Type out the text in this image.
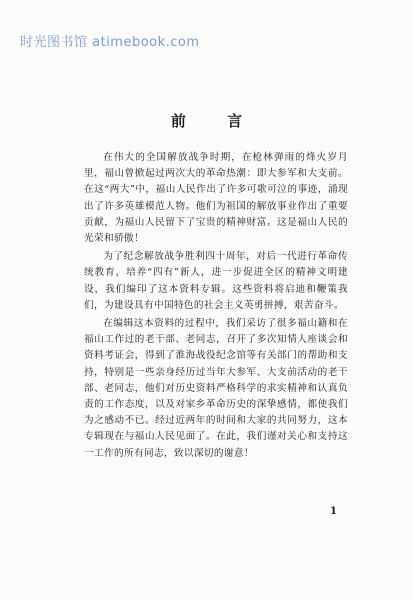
时光图书馆 atimebook.com
前 言

在伟大的全国解放战争时期，在枪林弹雨的烽火岁月里，福山曾掀起过两次大的革命热潮：即大参军和大支前。在这“两大”中，福山人民作出了许多可歌可泣的事迹，涌现出了许多英雄模范人物。他们为祖国的解放事业作出了重要贡献，为福山人民留下了宝贵的精神财富。这是福山人民的光荣和骄傲！

为了纪念解放战争胜利四十周年，对后一代进行革命传统教育，培养“四有”新人，进一步促进全区的精神文明建设，我们编印了这本资料专辑。这些资料将启迪和鞭策我们，为建设具有中国特色的社会主义英勇拼搏，艰苦奋斗。

在编辑这本资料的过程中，我们采访了很多福山籍和在福山工作过的老干部、老同志，召开了多次知情人座谈会和资料考证会，得到了淮海战役纪念馆等有关部门的帮助和支持，特别是一些亲身经历过当年大参军、大支前活动的老干部、老同志，他们对历史资料严格科学的求实精神和认真负责的工作态度，以及对家乡革命历史的深挚感情，都使我们为之感动不已。经过近两年的时间和大家的共同努力，这本专辑现在与福山人民见面了。在此，我们谨对关心和支持这一工作的所有同志，致以深切的谢意！

1
